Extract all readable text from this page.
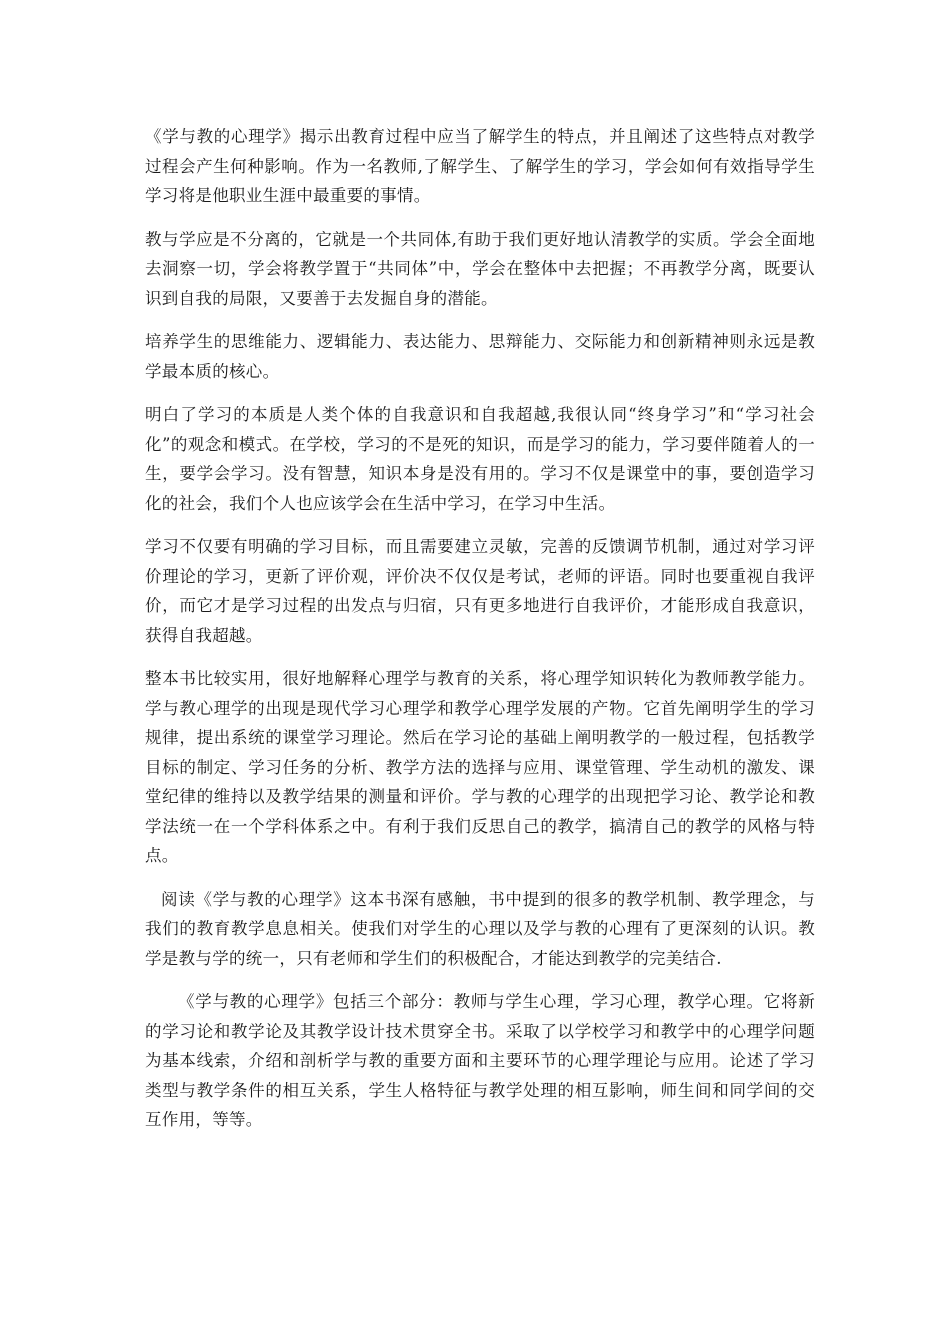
《学与教的心理学》揭示出教育过程中应当了解学生的特点，并且阐述了这些特点对教学过程会产生何种影响。作为一名教师,了解学生、了解学生的学习，学会如何有效指导学生学习将是他职业生涯中最重要的事情。

教与学应是不分离的，它就是一个共同体,有助于我们更好地认清教学的实质。学会全面地去洞察一切，学会将教学置于“共同体”中，学会在整体中去把握；不再教学分离，既要认识到自我的局限，又要善于去发掘自身的潜能。

培养学生的思维能力、逻辑能力、表达能力、思辩能力、交际能力和创新精神则永远是教学最本质的核心。

明白了学习的本质是人类个体的自我意识和自我超越,我很认同“终身学习”和“学习社会化”的观念和模式。在学校，学习的不是死的知识，而是学习的能力，学习要伴随着人的一生，要学会学习。没有智慧，知识本身是没有用的。学习不仅是课堂中的事，要创造学习化的社会，我们个人也应该学会在生活中学习，在学习中生活。

学习不仅要有明确的学习目标，而且需要建立灵敏，完善的反馈调节机制，通过对学习评价理论的学习，更新了评价观，评价决不仅仅是考试，老师的评语。同时也要重视自我评价，而它才是学习过程的出发点与归宿，只有更多地进行自我评价，才能形成自我意识，获得自我超越。

整本书比较实用，很好地解释心理学与教育的关系，将心理学知识转化为教师教学能力。学与教心理学的出现是现代学习心理学和教学心理学发展的产物。它首先阐明学生的学习规律，提出系统的课堂学习理论。然后在学习论的基础上阐明教学的一般过程，包括教学目标的制定、学习任务的分析、教学方法的选择与应用、课堂管理、学生动机的激发、课堂纪律的维持以及教学结果的测量和评价。学与教的心理学的出现把学习论、教学论和教学法统一在一个学科体系之中。有利于我们反思自己的教学，搞清自己的教学的风格与特点。

阅读《学与教的心理学》这本书深有感触，书中提到的很多的教学机制、教学理念，与我们的教育教学息息相关。使我们对学生的心理以及学与教的心理有了更深刻的认识。教学是教与学的统一，只有老师和学生们的积极配合，才能达到教学的完美结合.

《学与教的心理学》包括三个部分：教师与学生心理，学习心理，教学心理。它将新的学习论和教学论及其教学设计技术贯穿全书。采取了以学校学习和教学中的心理学问题为基本线索，介绍和剖析学与教的重要方面和主要环节的心理学理论与应用。论述了学习类型与教学条件的相互关系，学生人格特征与教学处理的相互影响，师生间和同学间的交互作用，等等。
